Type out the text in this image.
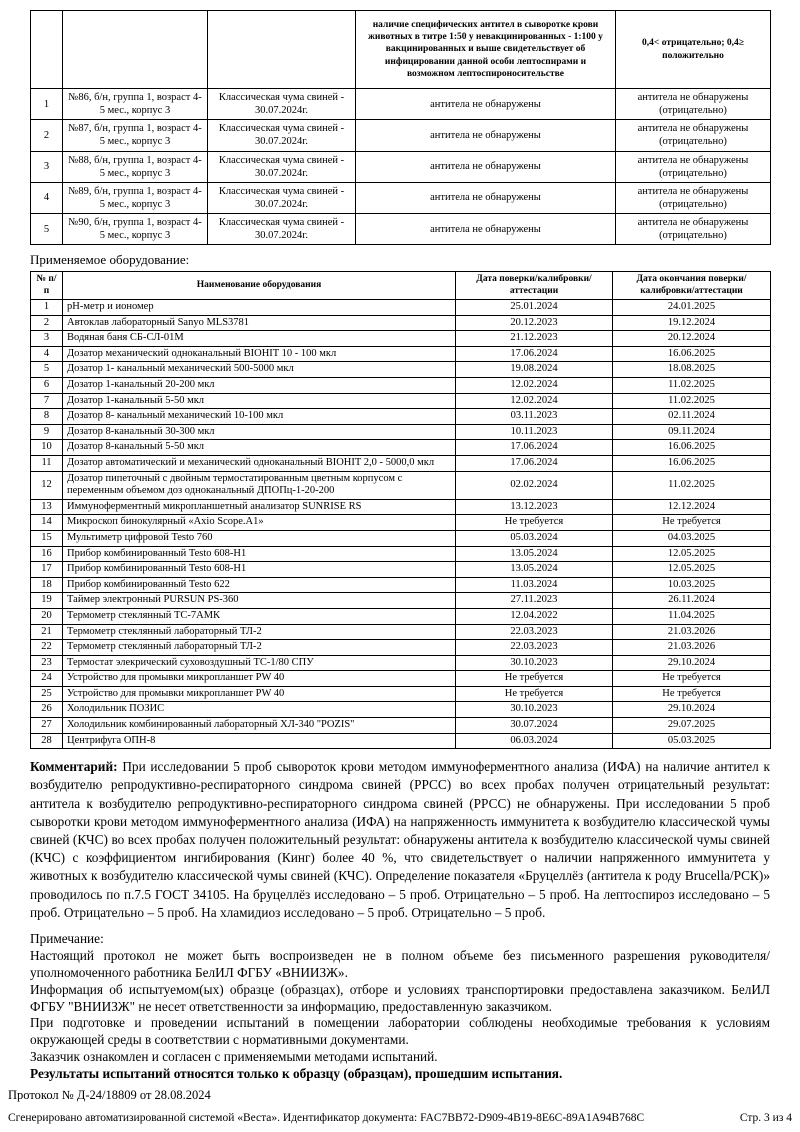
			наличие специфических антител в сыворотке крови животных в титре 1:50 у невакцинированных - 1:100 у вакцинированных и выше свидетельствует об инфицировании данной особи лептоспирами и возможном лептоспироносительстве	0,4< отрицательно; 0,4≥ положительно
1	№86, б/н, группа 1, возраст 4-5 мес., корпус 3	Классическая чума свиней - 30.07.2024г.	антитела не обнаружены	антитела не обнаружены (отрицательно)
2	№87, б/н, группа 1, возраст 4-5 мес., корпус 3	Классическая чума свиней - 30.07.2024г.	антитела не обнаружены	антитела не обнаружены (отрицательно)
3	№88, б/н, группа 1, возраст 4-5 мес., корпус 3	Классическая чума свиней - 30.07.2024г.	антитела не обнаружены	антитела не обнаружены (отрицательно)
4	№89, б/н, группа 1, возраст 4-5 мес., корпус 3	Классическая чума свиней - 30.07.2024г.	антитела не обнаружены	антитела не обнаружены (отрицательно)
5	№90, б/н, группа 1, возраст 4-5 мес., корпус 3	Классическая чума свиней - 30.07.2024г.	антитела не обнаружены	антитела не обнаружены (отрицательно)

Применяемое оборудование:

№ п/п	Наименование оборудования	Дата поверки/калибровки/аттестации	Дата окончания поверки/калибровки/аттестации
1	pH-метр и иономер	25.01.2024	24.01.2025
2	Автоклав лабораторный Sanyo MLS3781	20.12.2023	19.12.2024
3	Водяная баня СБ-СЛ-01М	21.12.2023	20.12.2024
4	Дозатор механический одноканальный BIOHIT 10 - 100 мкл	17.06.2024	16.06.2025
5	Дозатор 1- канальный механический 500-5000 мкл	19.08.2024	18.08.2025
6	Дозатор 1-канальный 20-200 мкл	12.02.2024	11.02.2025
7	Дозатор 1-канальный 5-50 мкл	12.02.2024	11.02.2025
8	Дозатор 8- канальный механический 10-100 мкл	03.11.2023	02.11.2024
9	Дозатор 8-канальный 30-300 мкл	10.11.2023	09.11.2024
10	Дозатор 8-канальный 5-50 мкл	17.06.2024	16.06.2025
11	Дозатор автоматический и механический одноканальный BIOHIT 2,0 - 5000,0 мкл	17.06.2024	16.06.2025
12	Дозатор пипеточный с двойным термостатированным цветным корпусом с переменным объемом доз одноканальный ДПОПц-1-20-200	02.02.2024	11.02.2025
13	Иммуноферментный микропланшетный анализатор SUNRISE RS	13.12.2023	12.12.2024
14	Микроскоп бинокулярный «Axio Scope.A1»	Не требуется	Не требуется
15	Мультиметр цифровой Testo 760	05.03.2024	04.03.2025
16	Прибор комбинированный Testo 608-Н1	13.05.2024	12.05.2025
17	Прибор комбинированный Testo 608-Н1	13.05.2024	12.05.2025
18	Прибор комбинированный Testo 622	11.03.2024	10.03.2025
19	Таймер электронный PURSUN PS-360	27.11.2023	26.11.2024
20	Термометр стеклянный ТС-7АМК	12.04.2022	11.04.2025
21	Термометр стеклянный лабораторный ТЛ-2	22.03.2023	21.03.2026
22	Термометр стеклянный лабораторный ТЛ-2	22.03.2023	21.03.2026
23	Термостат элекрический суховоздушный ТС-1/80 СПУ	30.10.2023	29.10.2024
24	Устройство для промывки микропланшет PW 40	Не требуется	Не требуется
25	Устройство для промывки микропланшет PW 40	Не требуется	Не требуется
26	Холодильник ПОЗИС	30.10.2023	29.10.2024
27	Холодильник комбинированный лабораторный ХЛ-340 "POZIS"	30.07.2024	29.07.2025
28	Центрифуга ОПН-8	06.03.2024	05.03.2025

Комментарий: При исследовании 5 проб сывороток крови методом иммуноферментного анализа (ИФА) на наличие антител к возбудителю репродуктивно-респираторного синдрома свиней (РРСС) во всех пробах получен отрицательный результат: антитела к возбудителю репродуктивно-респираторного синдрома свиней (РРСС) не обнаружены. При исследовании 5 проб сыворотки крови методом иммуноферментного анализа (ИФА) на напряженность иммунитета к возбудителю классической чумы свиней (КЧС) во всех пробах получен положительный результат: обнаружены антитела к возбудителю классической чумы свиней (КЧС) с коэффициентом ингибирования (Кинг) более 40 %, что свидетельствует о наличии напряженного иммунитета у животных к возбудителю классической чумы свиней (КЧС). Определение показателя «Бруцеллёз (антитела к роду Brucella/РСК)» проводилось по п.7.5 ГОСТ 34105. На бруцеллёз исследовано – 5 проб. Отрицательно – 5 проб. На лептоспироз исследовано – 5 проб. Отрицательно – 5 проб. На хламидиоз исследовано – 5 проб. Отрицательно – 5 проб.

Примечание:

Настоящий протокол не может быть воспроизведен не в полном объеме без письменного разрешения руководителя/уполномоченного работника БелИЛ ФГБУ «ВНИИЗЖ».

Информация об испытуемом(ых) образце (образцах), отборе и условиях транспортировки предоставлена заказчиком. БелИЛ ФГБУ "ВНИИЗЖ" не несет ответственности за информацию, предоставленную заказчиком.

При подготовке и проведении испытаний в помещении лаборатории соблюдены необходимые требования к условиям окружающей среды в соответствии с нормативными документами.

Заказчик ознакомлен и согласен с применяемыми методами испытаний.

Результаты испытаний относятся только к образцу (образцам), прошедшим испытания.

Протокол № Д-24/18809 от 28.08.2024

Сгенерировано автоматизированной системой «Веста». Идентификатор документа: FAC7BB72-D909-4B19-8E6C-89A1A94B768C	Стр. 3 из 4
